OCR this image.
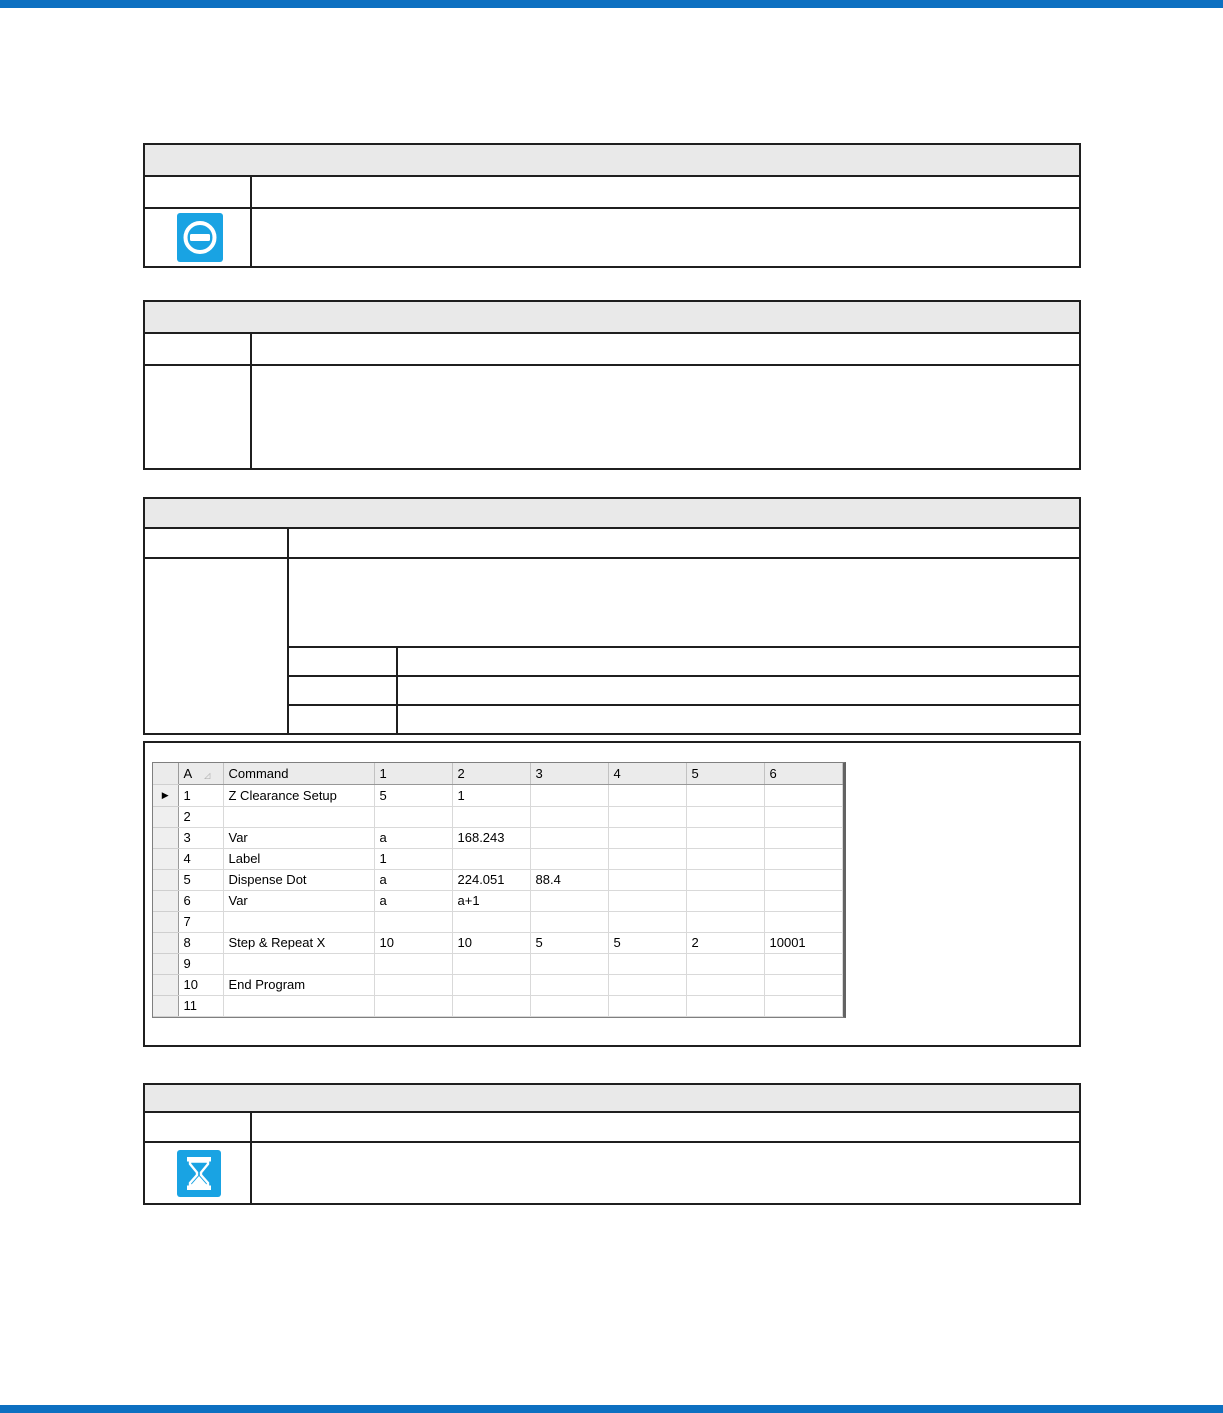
	A ◿	Command	1	2	3	4	5	6
▶	1	Z Clearance Setup	5	1				
	2							
	3	Var	a	168.243				
	4	Label	1					
	5	Dispense Dot	a	224.051	88.4			
	6	Var	a	a+1				
	7							
	8	Step & Repeat X	10	10	5	5	2	10001
	9							
	10	End Program						
	11							
